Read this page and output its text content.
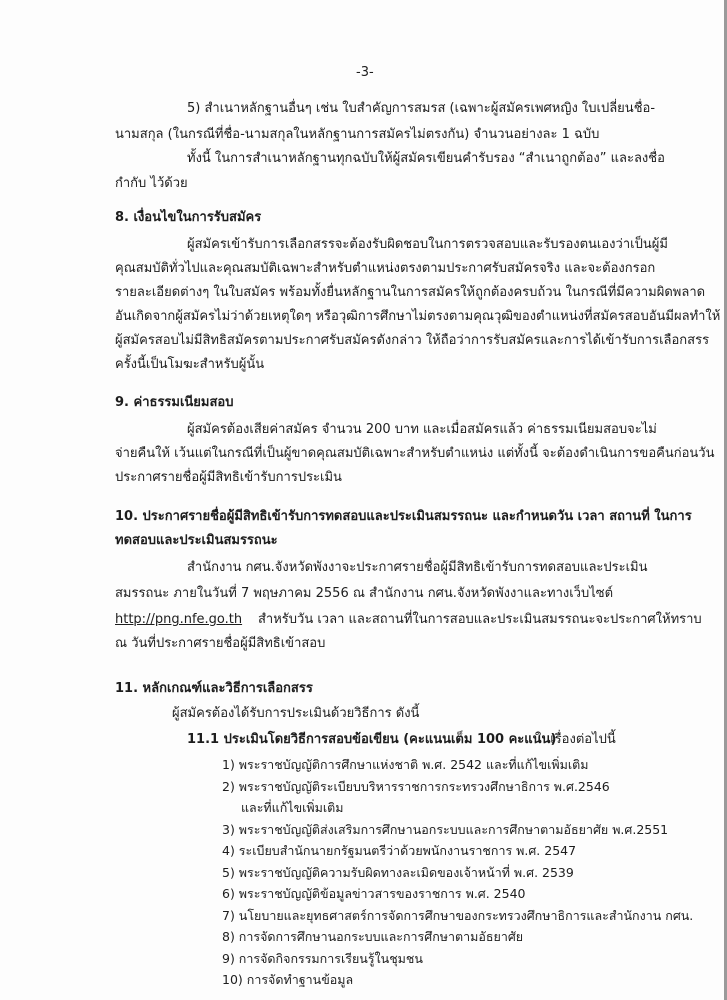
-3-
5) สำเนาหลักฐานอื่นๆ เช่น ใบสำคัญการสมรส (เฉพาะผู้สมัครเพศหญิง ใบเปลี่ยนชื่อ-
นามสกุล (ในกรณีที่ชื่อ-นามสกุลในหลักฐานการสมัครไม่ตรงกัน) จำนวนอย่างละ 1 ฉบับ
ทั้งนี้ ในการสำเนาหลักฐานทุกฉบับให้ผู้สมัครเขียนคำรับรอง “สำเนาถูกต้อง” และลงชื่อ
กำกับ ไว้ด้วย
8. เงื่อนไขในการรับสมัคร
ผู้สมัครเข้ารับการเลือกสรรจะต้องรับผิดชอบในการตรวจสอบและรับรองตนเองว่าเป็นผู้มี
คุณสมบัติทั่วไปและคุณสมบัติเฉพาะสำหรับตำแหน่งตรงตามประกาศรับสมัครจริง และจะต้องกรอก
รายละเอียดต่างๆ ในใบสมัคร พร้อมทั้งยื่นหลักฐานในการสมัครให้ถูกต้องครบถ้วน ในกรณีที่มีความผิดพลาด
อันเกิดจากผู้สมัครไม่ว่าด้วยเหตุใดๆ หรือวุฒิการศึกษาไม่ตรงตามคุณวุฒิของตำแหน่งที่สมัครสอบอันมีผลทำให้
ผู้สมัครสอบไม่มีสิทธิสมัครตามประกาศรับสมัครดังกล่าว ให้ถือว่าการรับสมัครและการได้เข้ารับการเลือกสรร
ครั้งนี้เป็นโมฆะสำหรับผู้นั้น
9. ค่าธรรมเนียมสอบ
ผู้สมัครต้องเสียค่าสมัคร จำนวน 200 บาท และเมื่อสมัครแล้ว ค่าธรรมเนียมสอบจะไม่
จ่ายคืนให้ เว้นแต่ในกรณีที่เป็นผู้ขาดคุณสมบัติเฉพาะสำหรับตำแหน่ง แต่ทั้งนี้ จะต้องดำเนินการขอคืนก่อนวัน
ประกาศรายชื่อผู้มีสิทธิเข้ารับการประเมิน
10. ประกาศรายชื่อผู้มีสิทธิเข้ารับการทดสอบและประเมินสมรรถนะ และกำหนดวัน เวลา สถานที่ ในการ
ทดสอบและประเมินสมรรถนะ
สำนักงาน กศน.จังหวัดพังงาจะประกาศรายชื่อผู้มีสิทธิเข้ารับการทดสอบและประเมิน
สมรรถนะ ภายในวันที่ 7 พฤษภาคม 2556 ณ สำนักงาน กศน.จังหวัดพังงาและทางเว็บไซต์
http://png.nfe.go.th สำหรับวัน เวลา และสถานที่ในการสอบและประเมินสมรรถนะจะประกาศให้ทราบ
ณ วันที่ประกาศรายชื่อผู้มีสิทธิเข้าสอบ
11. หลักเกณฑ์และวิธีการเลือกสรร
ผู้สมัครต้องได้รับการประเมินด้วยวิธีการ ดังนี้
11.1 ประเมินโดยวิธีการสอบข้อเขียน (คะแนนเต็ม 100 คะแนน)
ในเรื่องต่อไปนี้
1) พระราชบัญญัติการศึกษาแห่งชาติ พ.ศ. 2542 และที่แก้ไขเพิ่มเติม
2) พระราชบัญญัติระเบียบบริหารราชการกระทรวงศึกษาธิการ พ.ศ.2546
และที่แก้ไขเพิ่มเติม
3) พระราชบัญญัติส่งเสริมการศึกษานอกระบบและการศึกษาตามอัธยาศัย พ.ศ.2551
4) ระเบียบสำนักนายกรัฐมนตรีว่าด้วยพนักงานราชการ พ.ศ. 2547
5) พระราชบัญญัติความรับผิดทางละเมิดของเจ้าหน้าที่ พ.ศ. 2539
6) พระราชบัญญัติข้อมูลข่าวสารของราชการ พ.ศ. 2540
7) นโยบายและยุทธศาสตร์การจัดการศึกษาของกระทรวงศึกษาธิการและสำนักงาน กศน.
8) การจัดการศึกษานอกระบบและการศึกษาตามอัธยาศัย
9) การจัดกิจกรรมการเรียนรู้ในชุมชน
10) การจัดทำฐานข้อมูล
